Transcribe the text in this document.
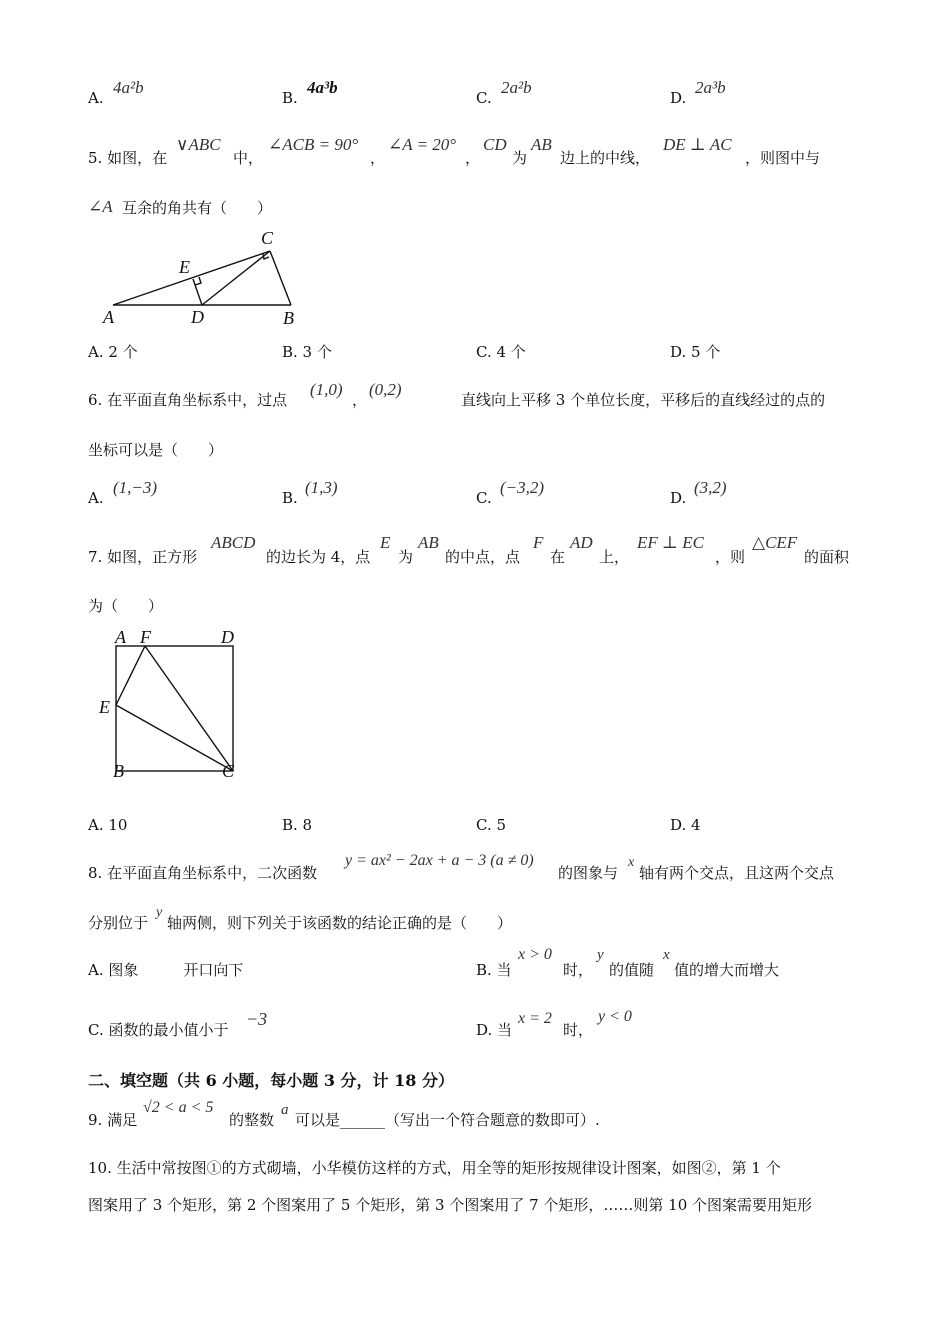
A.
4a²b
B.
4a³b
C.
2a²b
D.
2a³b
5. 如图，在
∨ABC
中，
∠ACB = 90°
，
∠A = 20°
，
CD
为
AB
边上的中线，
DE ⊥ AC
，则图中与
∠A 互余的角共有（　　）
A	D	B
C
E
A. 2 个	B. 3 个	C. 4 个	D. 5 个
6. 在平面直角坐标系中，过点
(1,0)
，
(0,2)
直线向上平移 3 个单位长度，平移后的直线经过的点的
坐标可以是（　　）
A.
(1,−3)
B.
(1,3)
C.
(−3,2)
D.
(3,2)
7. 如图，正方形
ABCD
的边长为 4，点
E
为
AB
的中点，点
F
在
AD
上，
EF ⊥ EC
，则
△CEF
的面积
为（　　）
A F	D
E
B	C
A. 10	B. 8	C. 5	D. 4
8. 在平面直角坐标系中，二次函数
y = ax² − 2ax + a − 3 (a ≠ 0)
的图象与
x
轴有两个交点，且这两个交点
分别位于
y
轴两侧，则下列关于该函数的结论正确的是（　　）
A. 图象　　　开口向下	B. 当
x > 0
时，
y
的值随
x
值的增大而增大
C. 函数的最小值小于
−3
D. 当
x = 2
时，
y < 0
二、填空题（共 6 小题，每小题 3 分，计 18 分）
9. 满足
√2 < a < 5
的整数
a
可以是______（写出一个符合题意的数即可）.
10. 生活中常按图①的方式砌墙，小华模仿这样的方式，用全等的矩形按规律设计图案，如图②，第 1 个
图案用了 3 个矩形，第 2 个图案用了 5 个矩形，第 3 个图案用了 7 个矩形，……则第 10 个图案需要用矩形
